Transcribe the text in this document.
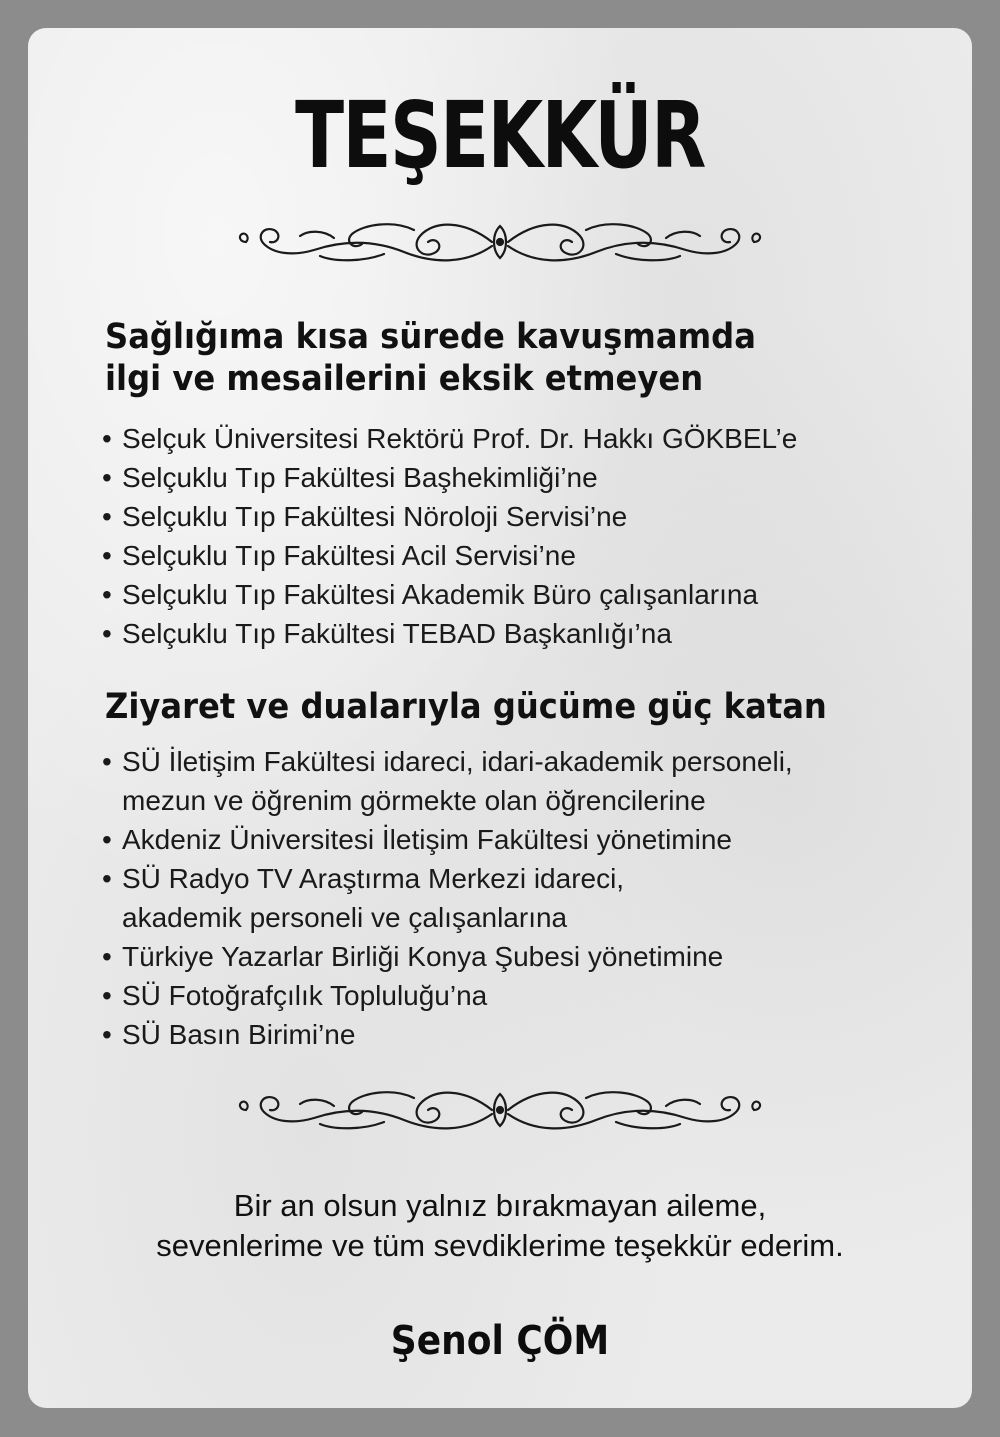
TEŞEKKÜR
Sağlığıma kısa sürede kavuşmamda
ilgi ve mesailerini eksik etmeyen
• Selçuk Üniversitesi Rektörü Prof. Dr. Hakkı GÖKBEL’e
• Selçuklu Tıp Fakültesi Başhekimliği’ne
• Selçuklu Tıp Fakültesi Nöroloji Servisi’ne
• Selçuklu Tıp Fakültesi Acil Servisi’ne
• Selçuklu Tıp Fakültesi Akademik Büro çalışanlarına
• Selçuklu Tıp Fakültesi TEBAD Başkanlığı’na
Ziyaret ve dualarıyla gücüme güç katan
• SÜ İletişim Fakültesi idareci, idari-akademik personeli,
mezun ve öğrenim görmekte olan öğrencilerine
• Akdeniz Üniversitesi İletişim Fakültesi yönetimine
• SÜ Radyo TV Araştırma Merkezi idareci,
akademik personeli ve çalışanlarına
• Türkiye Yazarlar Birliği Konya Şubesi yönetimine
• SÜ Fotoğrafçılık Topluluğu’na
• SÜ Basın Birimi’ne
Bir an olsun yalnız bırakmayan aileme,
sevenlerime ve tüm sevdiklerime teşekkür ederim.
Şenol ÇÖM
